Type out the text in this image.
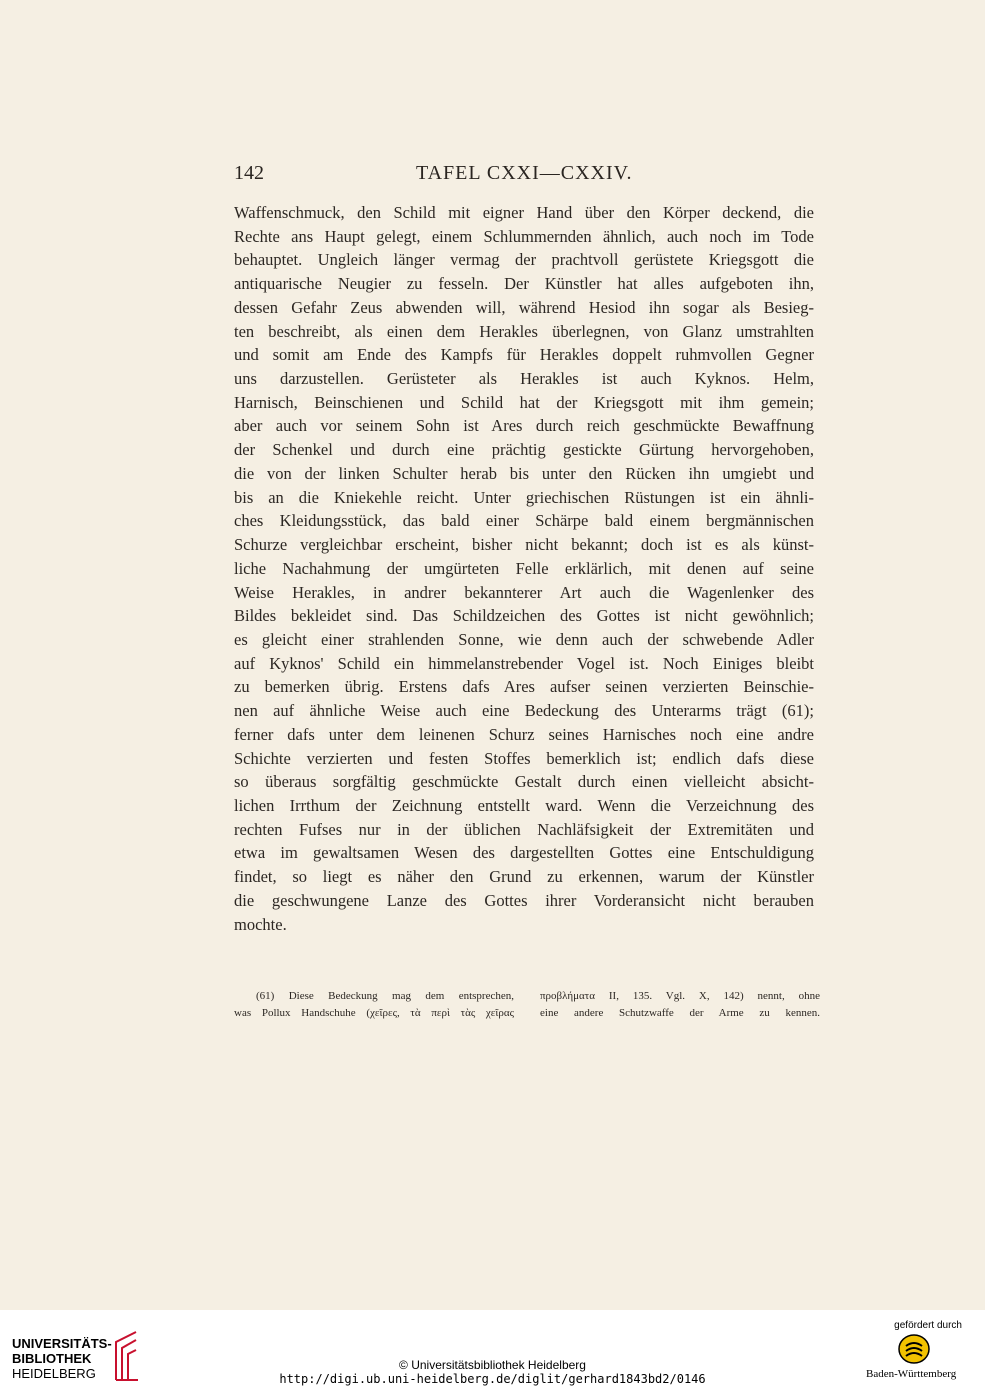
142	TAFEL CXXI—CXXIV.
Waffenschmuck, den Schild mit eigner Hand über den Körper deckend, die
Rechte ans Haupt gelegt, einem Schlummernden ähnlich, auch noch im Tode
behauptet. Ungleich länger vermag der prachtvoll gerüstete Kriegsgott die
antiquarische Neugier zu fesseln. Der Künstler hat alles aufgeboten ihn,
dessen Gefahr Zeus abwenden will, während Hesiod ihn sogar als Besieg-
ten beschreibt, als einen dem Herakles überlegnen, von Glanz umstrahlten
und somit am Ende des Kampfs für Herakles doppelt ruhmvollen Gegner
uns darzustellen. Gerüsteter als Herakles ist auch Kyknos. Helm,
Harnisch, Beinschienen und Schild hat der Kriegsgott mit ihm gemein;
aber auch vor seinem Sohn ist Ares durch reich geschmückte Bewaffnung
der Schenkel und durch eine prächtig gestickte Gürtung hervorgehoben,
die von der linken Schulter herab bis unter den Rücken ihn umgiebt und
bis an die Kniekehle reicht. Unter griechischen Rüstungen ist ein ähnli-
ches Kleidungsstück, das bald einer Schärpe bald einem bergmännischen
Schurze vergleichbar erscheint, bisher nicht bekannt; doch ist es als künst-
liche Nachahmung der umgürteten Felle erklärlich, mit denen auf seine
Weise Herakles, in andrer bekannterer Art auch die Wagenlenker des
Bildes bekleidet sind. Das Schildzeichen des Gottes ist nicht gewöhnlich;
es gleicht einer strahlenden Sonne, wie denn auch der schwebende Adler
auf Kyknos' Schild ein himmelanstrebender Vogel ist. Noch Einiges bleibt
zu bemerken übrig. Erstens dafs Ares aufser seinen verzierten Beinschie-
nen auf ähnliche Weise auch eine Bedeckung des Unterarms trägt (61);
ferner dafs unter dem leinenen Schurz seines Harnisches noch eine andre
Schichte verzierten und festen Stoffes bemerklich ist; endlich dafs diese
so überaus sorgfältig geschmückte Gestalt durch einen vielleicht absicht-
lichen Irrthum der Zeichnung entstellt ward. Wenn die Verzeichnung des
rechten Fufses nur in der üblichen Nachläfsigkeit der Extremitäten und
etwa im gewaltsamen Wesen des dargestellten Gottes eine Entschuldigung
findet, so liegt es näher den Grund zu erkennen, warum der Künstler
die geschwungene Lanze des Gottes ihrer Vorderansicht nicht berauben
mochte.
(61) Diese Bedeckung mag dem entsprechen,
was Pollux Handschuhe (χεῖρες, τὰ περὶ τὰς χεῖρας
προβλήματα II, 135. Vgl. X, 142) nennt, ohne
eine andere Schutzwaffe der Arme zu kennen.
UNIVERSITÄTS-
BIBLIOTHEK
HEIDELBERG
© Universitätsbibliothek Heidelberg
http://digi.ub.uni-heidelberg.de/diglit/gerhard1843bd2/0146
gefördert durch
Baden-Württemberg
